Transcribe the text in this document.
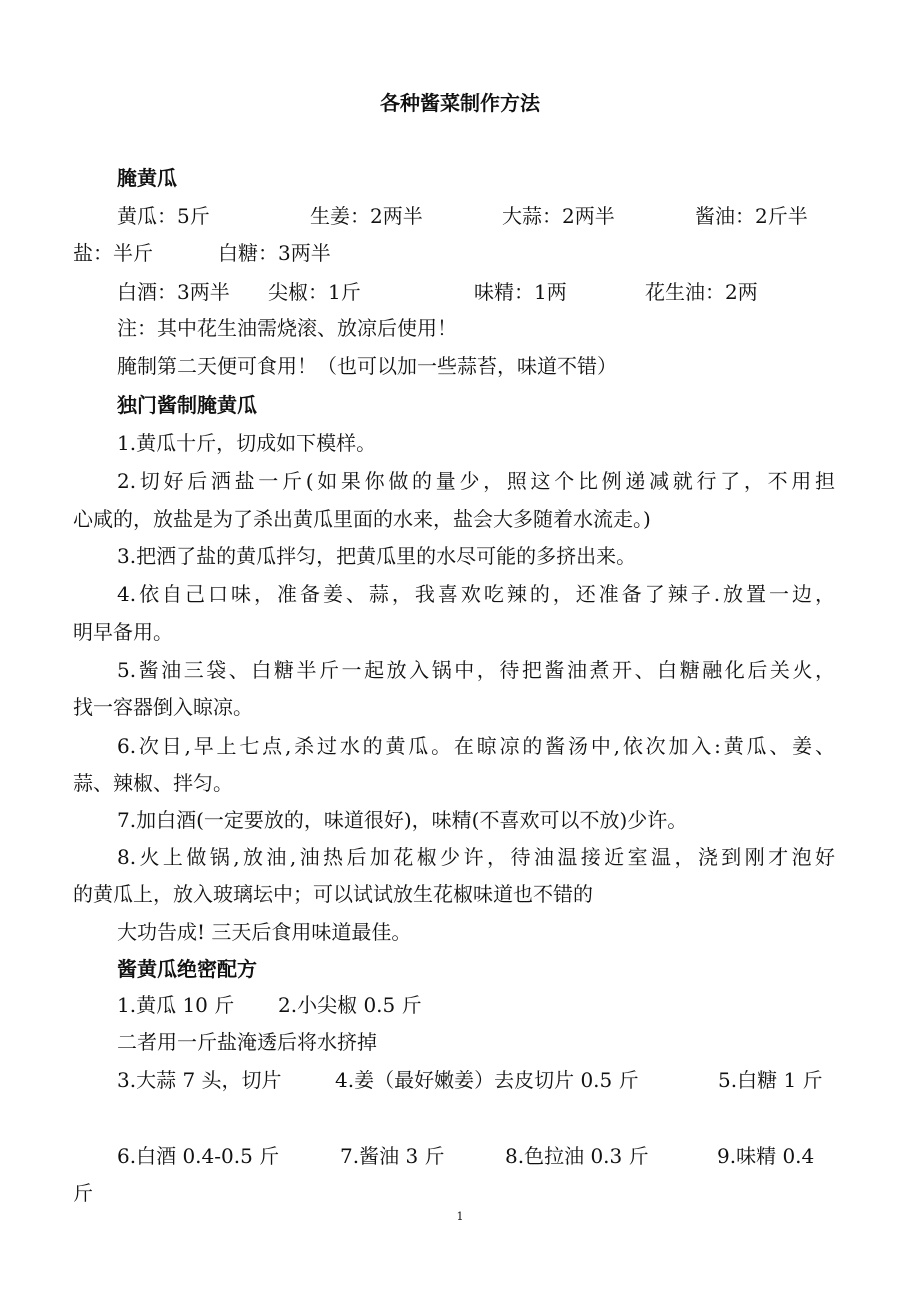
各种酱菜制作方法
腌黄瓜
黄瓜：5斤	生姜：2两半	大蒜：2两半	酱油：2斤半
盐：半斤	白糖：3两半
白酒：3两半 尖椒：1斤	味精：1两	花生油：2两
注：其中花生油需烧滚、放凉后使用！
腌制第二天便可食用！（也可以加一些蒜苔，味道不错）
独门酱制腌黄瓜
1.黄瓜十斤，切成如下模样。
2.切好后洒盐一斤(如果你做的量少，照这个比例递减就行了，不用担
心咸的，放盐是为了杀出黄瓜里面的水来，盐会大多随着水流走。)
3.把洒了盐的黄瓜拌匀，把黄瓜里的水尽可能的多挤出来。
4.依自己口味，准备姜、蒜，我喜欢吃辣的，还准备了辣子.放置一边，
明早备用。
5.酱油三袋、白糖半斤一起放入锅中，待把酱油煮开、白糖融化后关火，
找一容器倒入晾凉。
6.次日,早上七点,杀过水的黄瓜。在晾凉的酱汤中,依次加入:黄瓜、姜、
蒜、辣椒、拌匀。
7.加白酒(一定要放的，味道很好)，味精(不喜欢可以不放)少许。
8.火上做锅,放油,油热后加花椒少许，待油温接近室温，浇到刚才泡好
的黄瓜上，放入玻璃坛中；可以试试放生花椒味道也不错的
大功告成! 三天后食用味道最佳。
酱黄瓜绝密配方
1.黄瓜 10 斤 2.小尖椒 0.5 斤
二者用一斤盐淹透后将水挤掉
3.大蒜 7 头，切片	4.姜（最好嫩姜）去皮切片 0.5 斤	5.白糖 1 斤
6.白酒 0.4-0.5 斤	7.酱油 3 斤	8.色拉油 0.3 斤	9.味精 0.4
斤
1
